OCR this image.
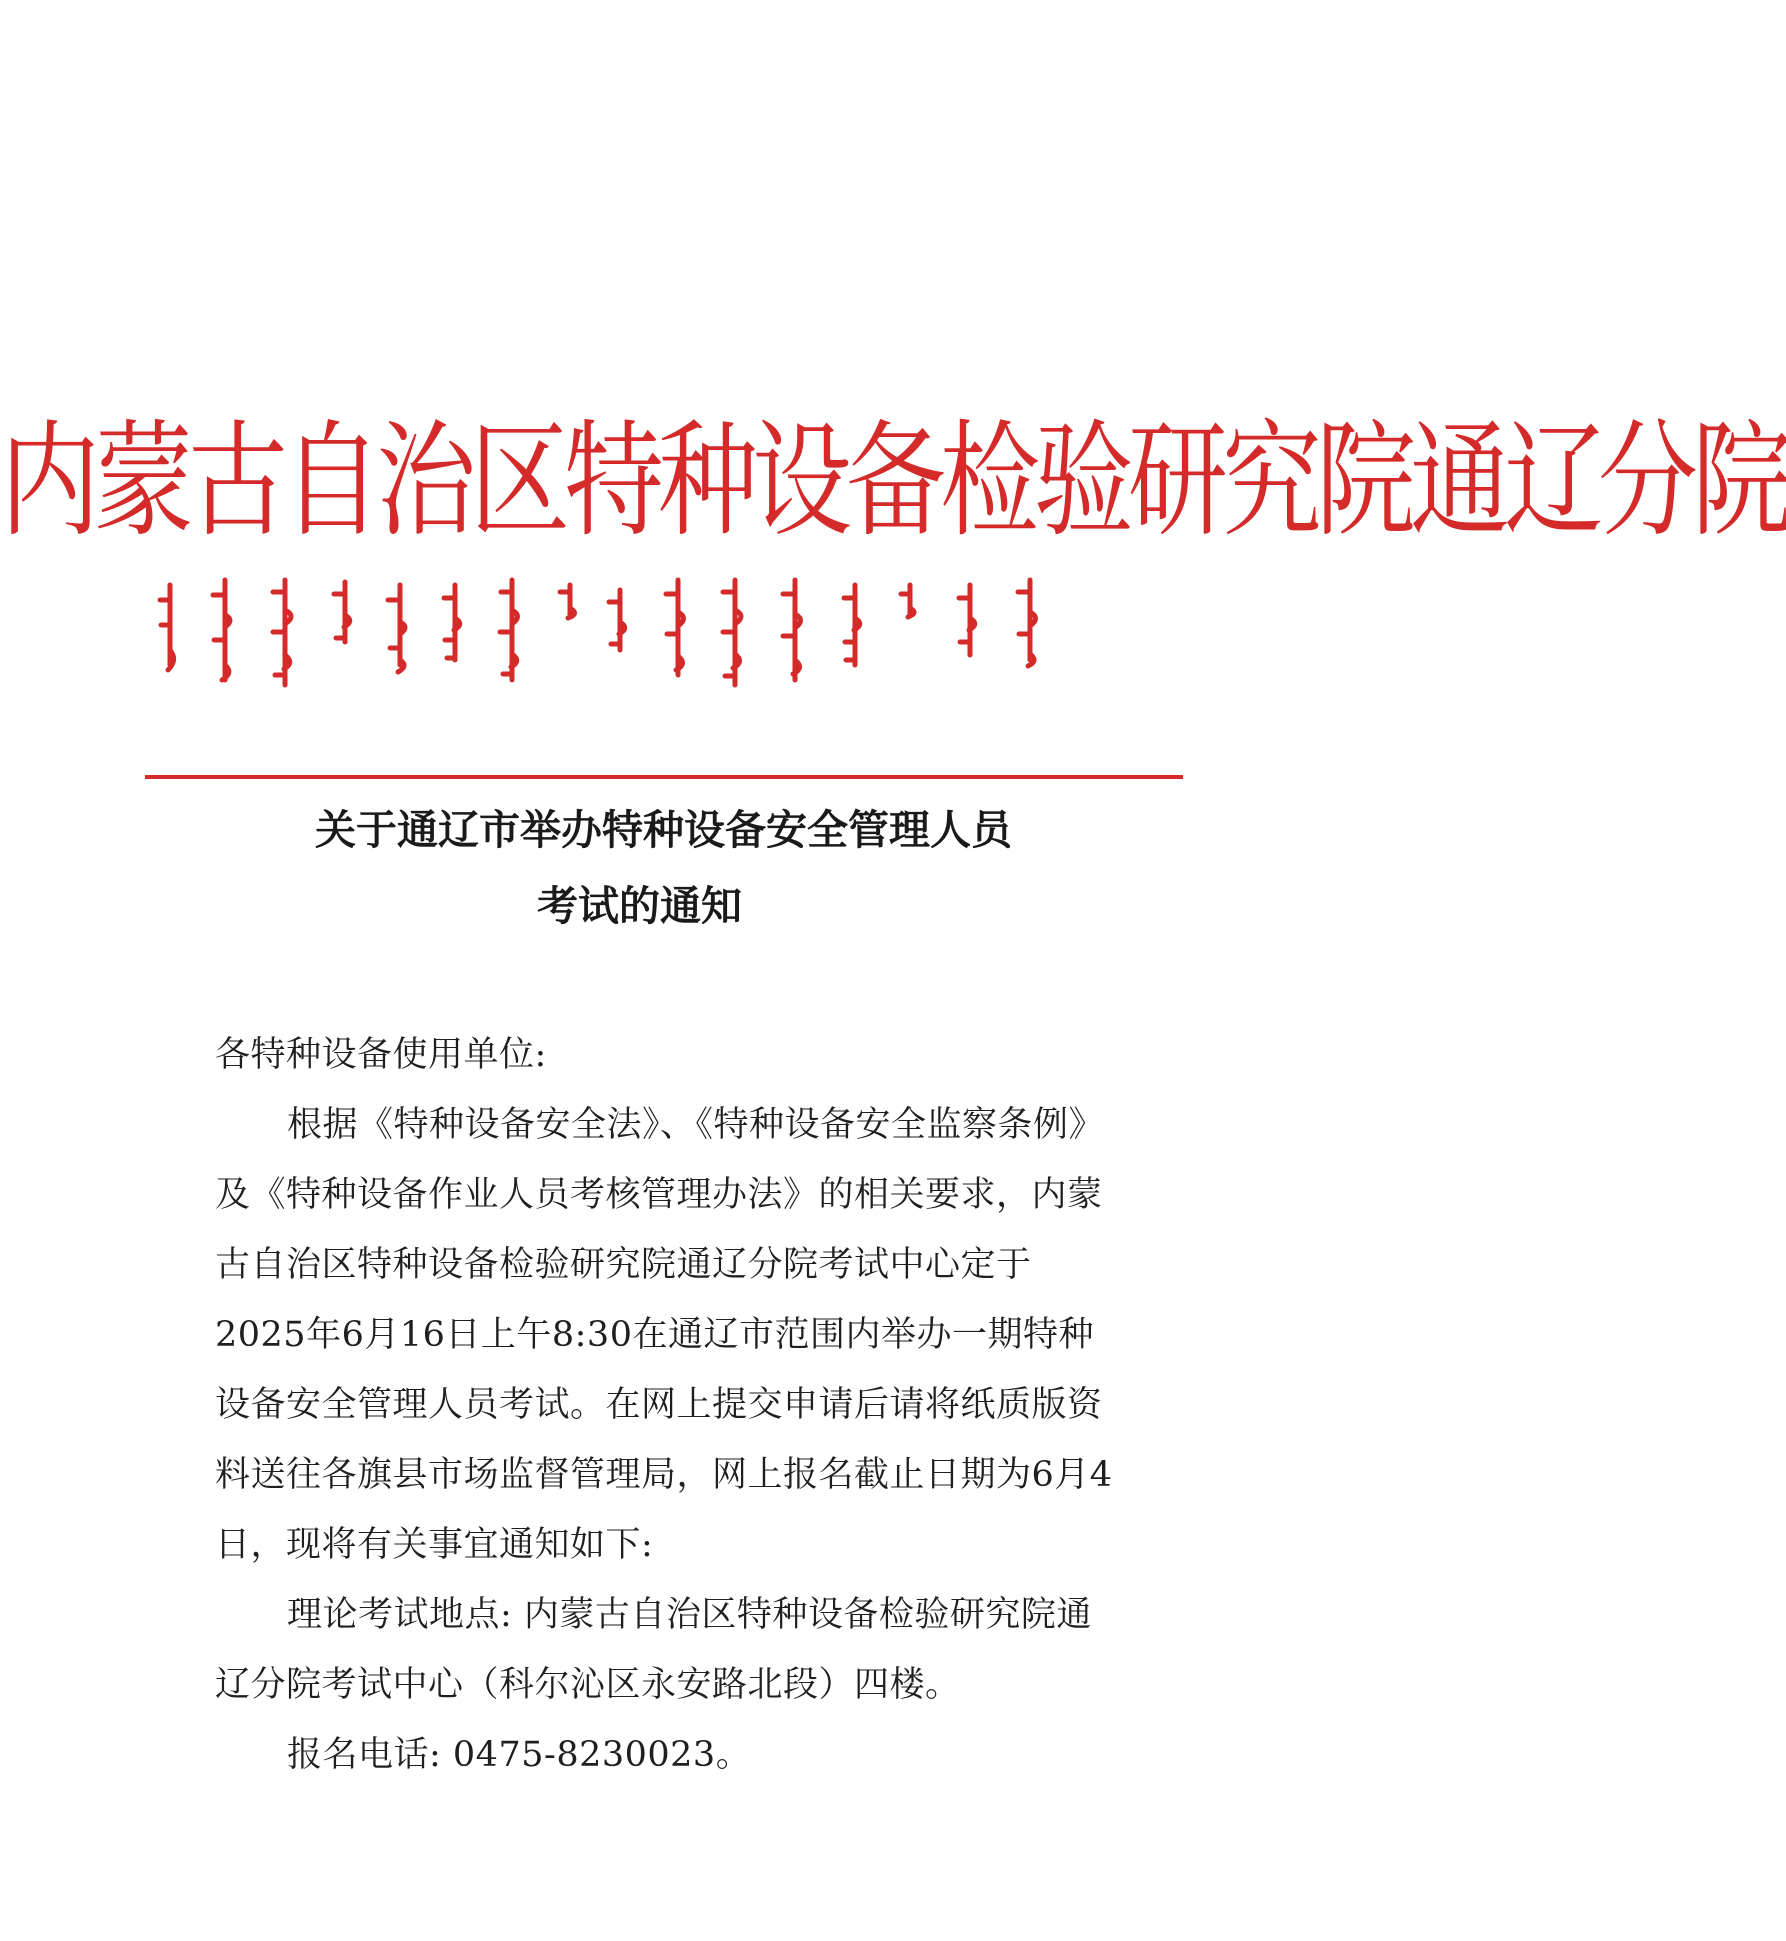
内蒙古自治区特种设备检验研究院通辽分院
关于通辽市举办特种设备安全管理人员
考试的通知
各特种设备使用单位:
根据《特种设备安全法》、《特种设备安全监察条例》及《特种设备作业人员考核管理办法》的相关要求，内蒙古自治区特种设备检验研究院通辽分院考试中心定于2025年6月16日上午8:30在通辽市范围内举办一期特种设备安全管理人员考试。在网上提交申请后请将纸质版资料送往各旗县市场监督管理局，网上报名截止日期为6月4日，现将有关事宜通知如下:
理论考试地点: 内蒙古自治区特种设备检验研究院通辽分院考试中心（科尔沁区永安路北段）四楼。
报名电话: 0475-8230023。
